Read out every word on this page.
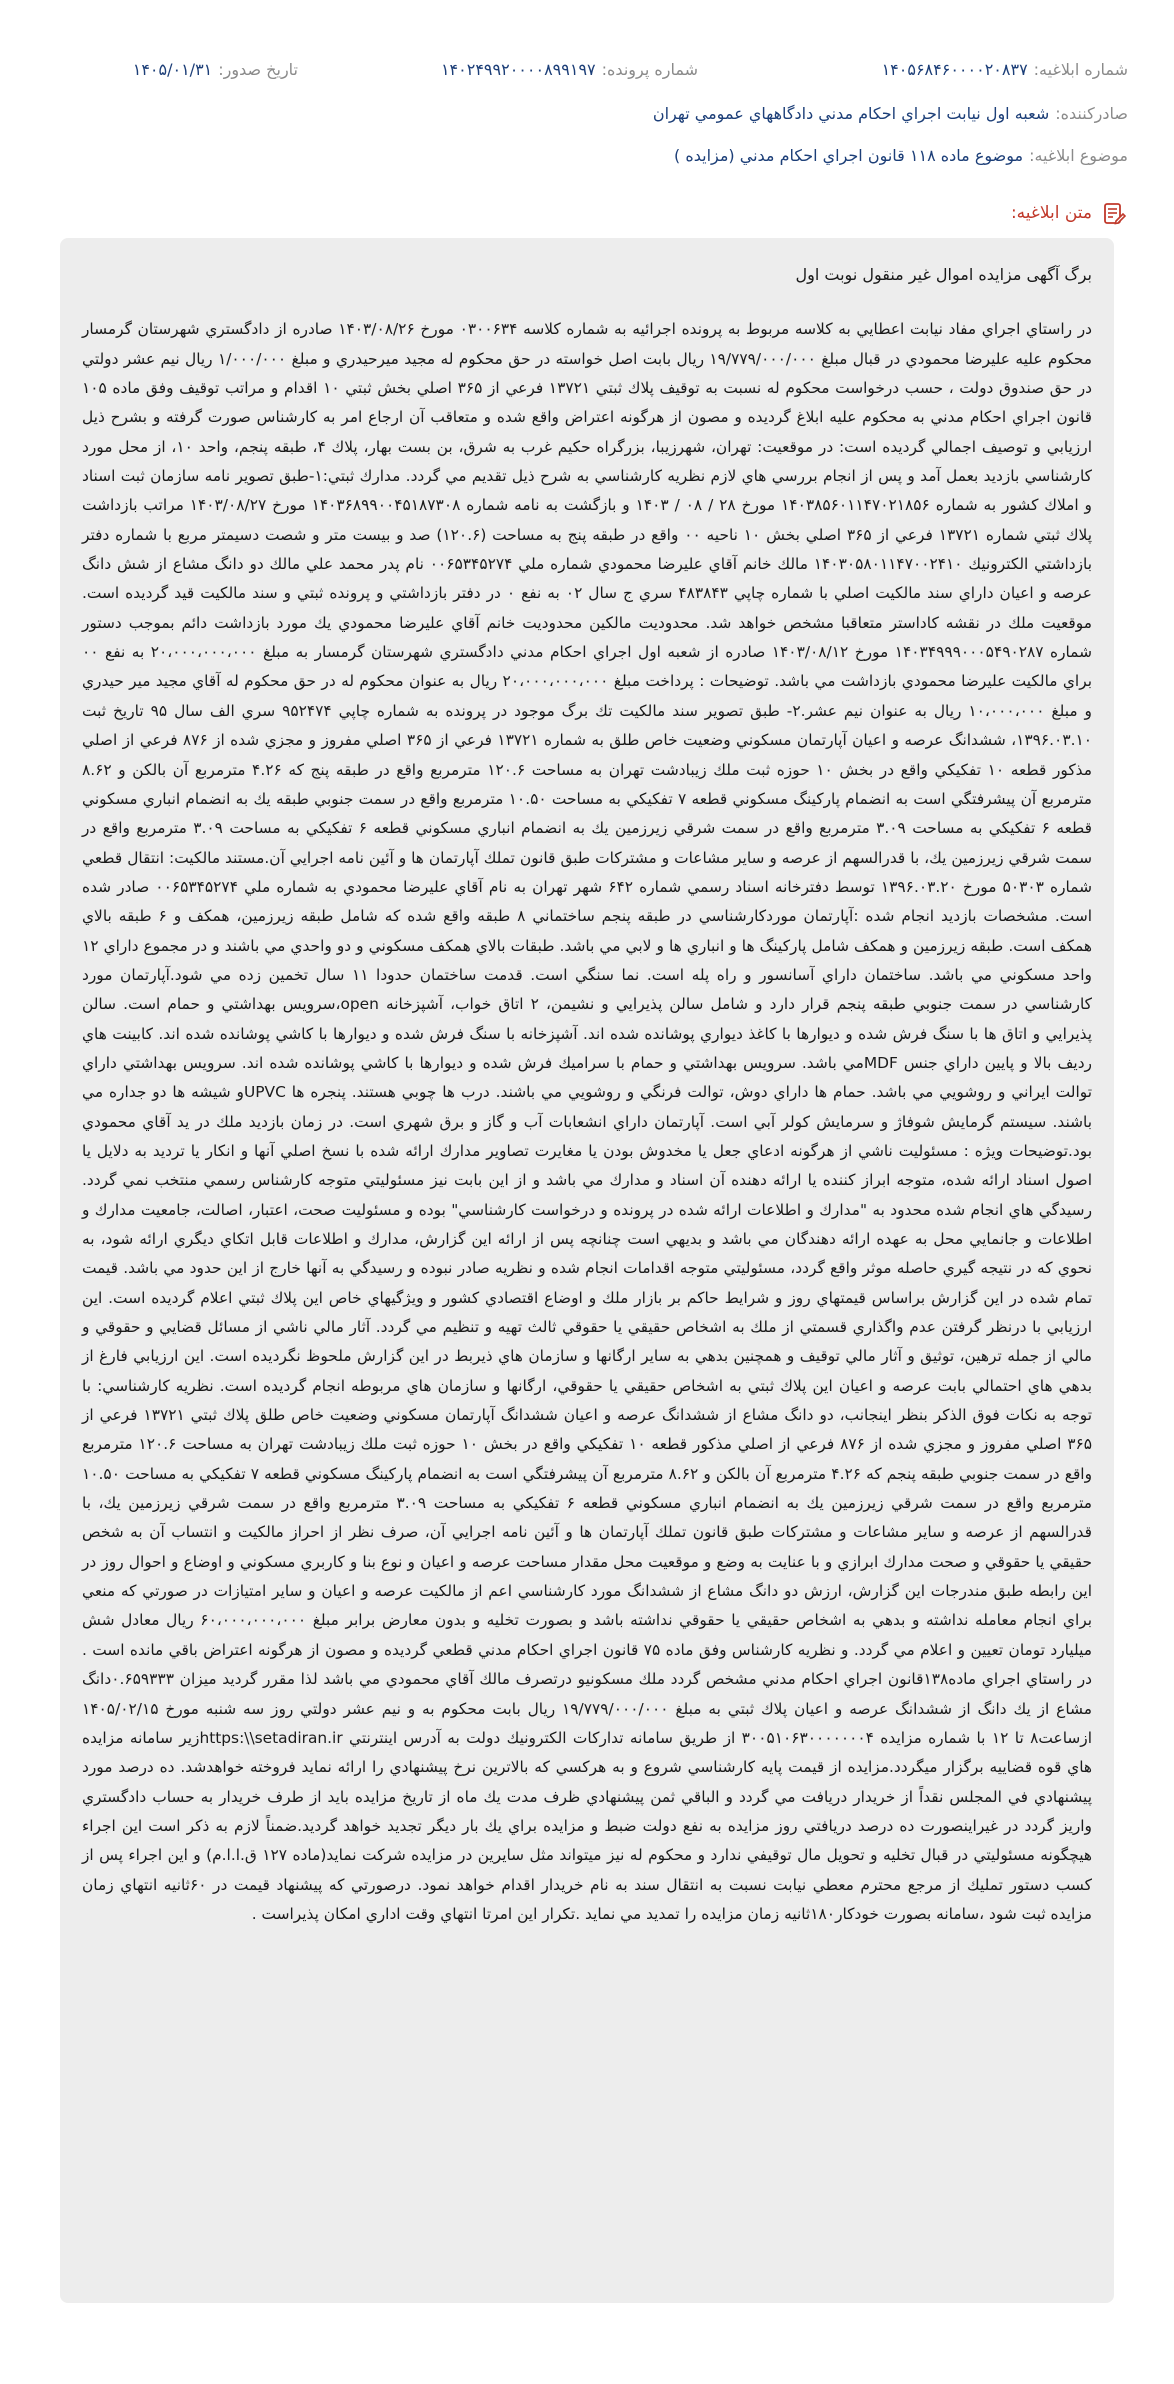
شماره ابلاغیه:
۱۴۰۵۶۸۴۶۰۰۰۰۲۰۸۳۷
شماره پرونده:
۱۴۰۲۴۹۹۲۰۰۰۰۸۹۹۱۹۷
تاریخ صدور:
۱۴۰۵/۰۱/۳۱
صادرکننده:
شعبه اول نيابت اجراي احكام مدني دادگاههاي عمومي تهران
موضوع ابلاغیه:
موضوع ماده ۱۱۸ قانون اجراي احكام مدني (مزايده )
متن ابلاغیه:
برگ آگهی مزایده اموال غیر منقول نوبت اول

در راستاي اجراي مفاد نيابت اعطايي به كلاسه مربوط به پرونده اجرائيه به شماره كلاسه ۰۳۰۰۶۳۴ مورخ ۱۴۰۳/۰۸/۲۶ صادره از دادگستري شهرستان گرمسار محكوم عليه عليرضا محمودي در قبال مبلغ ۱۹/۷۷۹/۰۰۰/۰۰۰ ريال بابت اصل خواسته در حق محكوم له مجيد ميرحيدري و مبلغ ۱/۰۰۰/۰۰۰ ريال نيم عشر دولتي در حق صندوق دولت ، حسب درخواست محكوم له نسبت به توقيف پلاك ثبتي ۱۳۷۲۱ فرعي از ۳۶۵ اصلي بخش ثبتي ۱۰ اقدام و مراتب توقيف وفق ماده ۱۰۵ قانون اجراي احكام مدني به محكوم عليه ابلاغ گرديده و مصون از هرگونه اعتراض واقع شده و متعاقب آن ارجاع امر به كارشناس صورت گرفته و بشرح ذيل ارزيابي و توصيف اجمالي گرديده است: در موقعيت: تهران، شهرزيبا، بزرگراه حكيم غرب به شرق، بن بست بهار، پلاك ۴، طبقه پنجم، واحد ۱۰، از محل مورد كارشناسي بازديد بعمل آمد و پس از انجام بررسي هاي لازم نظريه كارشناسي به شرح ذيل تقديم مي گردد. مدارك ثبتي:۱-طبق تصوير نامه سازمان ثبت اسناد و املاك كشور به شماره ۱۴۰۳۸۵۶۰۱۱۴۷۰۲۱۸۵۶ مورخ ۲۸ / ۰۸ / ۱۴۰۳ و بازگشت به نامه شماره ۱۴۰۳۶۸۹۹۰۰۴۵۱۸۷۳۰۸ مورخ ۱۴۰۳/۰۸/۲۷ مراتب بازداشت پلاك ثبتي شماره ۱۳۷۲۱ فرعي از ۳۶۵ اصلي بخش ۱۰ ناحيه ۰۰ واقع در طبقه پنج به مساحت (۱۲۰.۶) صد و بيست متر و شصت دسيمتر مربع با شماره دفتر بازداشتي الكترونيك ۱۴۰۳۰۵۸۰۱۱۴۷۰۰۲۴۱۰ مالك خانم آقاي عليرضا محمودي شماره ملي ۰۰۶۵۳۴۵۲۷۴ نام پدر محمد علي مالك دو دانگ مشاع از شش دانگ عرصه و اعيان داراي سند مالكيت اصلي با شماره چاپي ۴۸۳۸۴۳ سري ج سال ۰۲ به نفع ۰ در دفتر بازداشتي و پرونده ثبتي و سند مالكيت قيد گرديده است. موقعيت ملك در نقشه كاداستر متعاقبا مشخص خواهد شد. محدوديت مالكين محدوديت خانم آقاي عليرضا محمودي يك مورد بازداشت دائم بموجب دستور شماره ۱۴۰۳۴۹۹۹۰۰۰۵۴۹۰۲۸۷ مورخ ۱۴۰۳/۰۸/۱۲ صادره از شعبه اول اجراي احكام مدني دادگستري شهرستان گرمسار به مبلغ ۲۰،۰۰۰،۰۰۰،۰۰۰ به نفع ۰۰ براي مالكيت عليرضا محمودي بازداشت مي باشد. توضيحات : پرداخت مبلغ ۲۰،۰۰۰،۰۰۰،۰۰۰ ريال به عنوان محكوم له در حق محكوم له آقاي مجيد مير حيدري و مبلغ ۱۰،۰۰۰،۰۰۰ ريال به عنوان نيم عشر.۲- طبق تصوير سند مالكيت تك برگ موجود در پرونده به شماره چاپي ۹۵۲۴۷۴ سري الف سال ۹۵ تاريخ ثبت ۱۳۹۶.۰۳.۱۰، ششدانگ عرصه و اعيان آپارتمان مسكوني وضعيت خاص طلق به شماره ۱۳۷۲۱ فرعي از ۳۶۵ اصلي مفروز و مجزي شده از ۸۷۶ فرعي از اصلي مذكور قطعه ۱۰ تفكيكي واقع در بخش ۱۰ حوزه ثبت ملك زيبادشت تهران به مساحت ۱۲۰.۶ مترمربع واقع در طبقه پنج كه ۴.۲۶ مترمربع آن بالكن و ۸.۶۲ مترمربع آن پيشرفتگي است به انضمام پاركينگ مسكوني قطعه ۷ تفكيكي به مساحت ۱۰.۵۰ مترمربع واقع در سمت جنوبي طبقه يك به انضمام انباري مسكوني قطعه ۶ تفكيكي به مساحت ۳.۰۹ مترمربع واقع در سمت شرقي زيرزمين يك به انضمام انباري مسكوني قطعه ۶ تفكيكي به مساحت ۳.۰۹ مترمربع واقع در سمت شرقي زيرزمين يك، با قدرالسهم از عرصه و ساير مشاعات و مشتركات طبق قانون تملك آپارتمان ها و آئين نامه اجرايي آن.مستند مالكيت: انتقال قطعي شماره ۵۰۳۰۳ مورخ ۱۳۹۶.۰۳.۲۰ توسط دفترخانه اسناد رسمي شماره ۶۴۲ شهر تهران به نام آقاي عليرضا محمودي به شماره ملي ۰۰۶۵۳۴۵۲۷۴ صادر شده است. مشخصات بازديد انجام شده :آپارتمان موردكارشناسي در طبقه پنجم ساختماني ۸ طبقه واقع شده كه شامل طبقه زيرزمين، همكف و ۶ طبقه بالاي همكف است. طبقه زيرزمين و همكف شامل پاركينگ ها و انباري ها و لابي مي باشد. طبقات بالاي همكف مسكوني و دو واحدي مي باشند و در مجموع داراي ۱۲ واحد مسكوني مي باشد. ساختمان داراي آسانسور و راه پله است. نما سنگي است. قدمت ساختمان حدودا ۱۱ سال تخمين زده مي شود.آپارتمان مورد كارشناسي در سمت جنوبي طبقه پنجم قرار دارد و شامل سالن پذيرايي و نشيمن، ۲ اتاق خواب، آشپزخانه open،سرويس بهداشتي و حمام است. سالن پذيرايي و اتاق ها با سنگ فرش شده و ديوارها با كاغذ ديواري پوشانده شده اند. آشپزخانه با سنگ فرش شده و ديوارها با كاشي پوشانده شده اند. كابينت هاي رديف بالا و پايين داراي جنس MDFمي باشد. سرويس بهداشتي و حمام با سراميك فرش شده و ديوارها با كاشي پوشانده شده اند. سرويس بهداشتي داراي توالت ايراني و روشويي مي باشد. حمام ها داراي دوش، توالت فرنگي و روشويي مي باشند. درب ها چوبي هستند. پنجره ها UPVCو شيشه ها دو جداره مي باشند. سيستم گرمايش شوفاژ و سرمايش كولر آبي است. آپارتمان داراي انشعابات آب و گاز و برق شهري است. در زمان بازديد ملك در يد آقاي محمودي بود.توضيحات ويژه : مسئوليت ناشي از هرگونه ادعاي جعل يا مخدوش بودن يا مغايرت تصاوير مدارك ارائه شده با نسخ اصلي آنها و انكار يا ترديد به دلايل يا اصول اسناد ارائه شده، متوجه ابراز كننده يا ارائه دهنده آن اسناد و مدارك مي باشد و از اين بابت نيز مسئوليتي متوجه كارشناس رسمي منتخب نمي گردد. رسيدگي هاي انجام شده محدود به "مدارك و اطلاعات ارائه شده در پرونده و درخواست كارشناسي" بوده و مسئوليت صحت، اعتبار، اصالت، جامعيت مدارك و اطلاعات و جانمايي محل به عهده ارائه دهندگان مي باشد و بديهي است چنانچه پس از ارائه اين گزارش، مدارك و اطلاعات قابل اتكاي ديگري ارائه شود، به نحوي كه در نتيجه گيري حاصله موثر واقع گردد، مسئوليتي متوجه اقدامات انجام شده و نظريه صادر نبوده و رسيدگي به آنها خارج از اين حدود مي باشد. قيمت تمام شده در اين گزارش براساس قيمتهاي روز و شرايط حاكم بر بازار ملك و اوضاع اقتصادي كشور و ويژگيهاي خاص اين پلاك ثبتي اعلام گرديده است. اين ارزيابي با درنظر گرفتن عدم واگذاري قسمتي از ملك به اشخاص حقيقي يا حقوقي ثالث تهيه و تنظيم مي گردد. آثار مالي ناشي از مسائل قضايي و حقوقي و مالي از جمله ترهين، توثيق و آثار مالي توقيف و همچنين بدهي به ساير ارگانها و سازمان هاي ذيربط در اين گزارش ملحوظ نگرديده است. اين ارزيابي فارغ از بدهي هاي احتمالي بابت عرصه و اعيان اين پلاك ثبتي به اشخاص حقيقي يا حقوقي، ارگانها و سازمان هاي مربوطه انجام گرديده است. نظريه كارشناسي: با توجه به نكات فوق الذكر بنظر اينجانب، دو دانگ مشاع از ششدانگ عرصه و اعيان ششدانگ آپارتمان مسكوني وضعيت خاص طلق پلاك ثبتي ۱۳۷۲۱ فرعي از ۳۶۵ اصلي مفروز و مجزي شده از ۸۷۶ فرعي از اصلي مذكور قطعه ۱۰ تفكيكي واقع در بخش ۱۰ حوزه ثبت ملك زيبادشت تهران به مساحت ۱۲۰.۶ مترمربع واقع در سمت جنوبي طبقه پنجم كه ۴.۲۶ مترمربع آن بالكن و ۸.۶۲ مترمربع آن پيشرفتگي است به انضمام پاركينگ مسكوني قطعه ۷ تفكيكي به مساحت ۱۰.۵۰ مترمربع واقع در سمت شرقي زيرزمين يك به انضمام انباري مسكوني قطعه ۶ تفكيكي به مساحت ۳.۰۹ مترمربع واقع در سمت شرقي زيرزمين يك، با قدرالسهم از عرصه و ساير مشاعات و مشتركات طبق قانون تملك آپارتمان ها و آئين نامه اجرايي آن، صرف نظر از احراز مالكيت و انتساب آن به شخص حقيقي يا حقوقي و صحت مدارك ابرازي و با عنايت به وضع و موقعيت محل مقدار مساحت عرصه و اعيان و نوع بنا و كاربري مسكوني و اوضاع و احوال روز در اين رابطه طبق مندرجات اين گزارش، ارزش دو دانگ مشاع از ششدانگ مورد كارشناسي اعم از مالكيت عرصه و اعيان و ساير امتيازات در صورتي كه منعي براي انجام معامله نداشته و بدهي به اشخاص حقيقي يا حقوقي نداشته باشد و بصورت تخليه و بدون معارض برابر مبلغ ۶۰،۰۰۰،۰۰۰،۰۰۰ ريال معادل شش ميليارد تومان تعيين و اعلام مي گردد. و نظريه كارشناس وفق ماده ۷۵ قانون اجراي احكام مدني قطعي گرديده و مصون از هرگونه اعتراض باقي مانده است . در راستاي اجراي ماده۱۳۸قانون اجراي احكام مدني مشخص گردد ملك مسكونيو درتصرف مالك آقاي محمودي مي باشد لذا مقرر گرديد ميزان ۰.۶۵۹۳۳۳دانگ مشاع از يك دانگ از ششدانگ عرصه و اعيان پلاك ثبتي به مبلغ ۱۹/۷۷۹/۰۰۰/۰۰۰ ريال بابت محكوم به و نيم عشر دولتي روز سه شنبه مورخ ۱۴۰۵/۰۲/۱۵ ازساعت۸ تا ۱۲ با شماره مزايده ۳۰۰۵۱۰۶۳۰۰۰۰۰۰۰۴ از طريق سامانه تداركات الكترونيك دولت به آدرس اينترنتي https:\\setadiran.irزير سامانه مزايده هاي قوه قضاييه برگزار ميگردد.مزايده از قيمت پايه كارشناسي شروع و به هركسي كه بالاترين نرخ پيشنهادي را ارائه نمايد فروخته خواهدشد. ده درصد مورد پيشنهادي في المجلس نقداً از خريدار دريافت مي گردد و الباقي ثمن پيشنهادي ظرف مدت يك ماه از تاريخ مزايده بايد از طرف خريدار به حساب دادگستري واريز گردد در غيراينصورت ده درصد دريافتي روز مزايده به نفع دولت ضبط و مزايده براي يك بار ديگر تجديد خواهد گرديد.ضمناً لازم به ذكر است اين اجراء هيچگونه مسئوليتي در قبال تخليه و تحويل مال توقيفي ندارد و محكوم له نيز ميتواند مثل سايرين در مزايده شركت نمايد(ماده ۱۲۷ ق.ا.ا.م) و اين اجراء پس از كسب دستور تمليك از مرجع محترم معطي نيابت نسبت به انتقال سند به نام خريدار اقدام خواهد نمود. درصورتي كه پيشنهاد قيمت در ۶۰ثانيه انتهاي زمان مزايده ثبت شود ،سامانه بصورت خودكار۱۸۰ثانيه زمان مزايده را تمديد مي نمايد .تكرار اين امرتا انتهاي وقت اداري امكان پذيراست .
